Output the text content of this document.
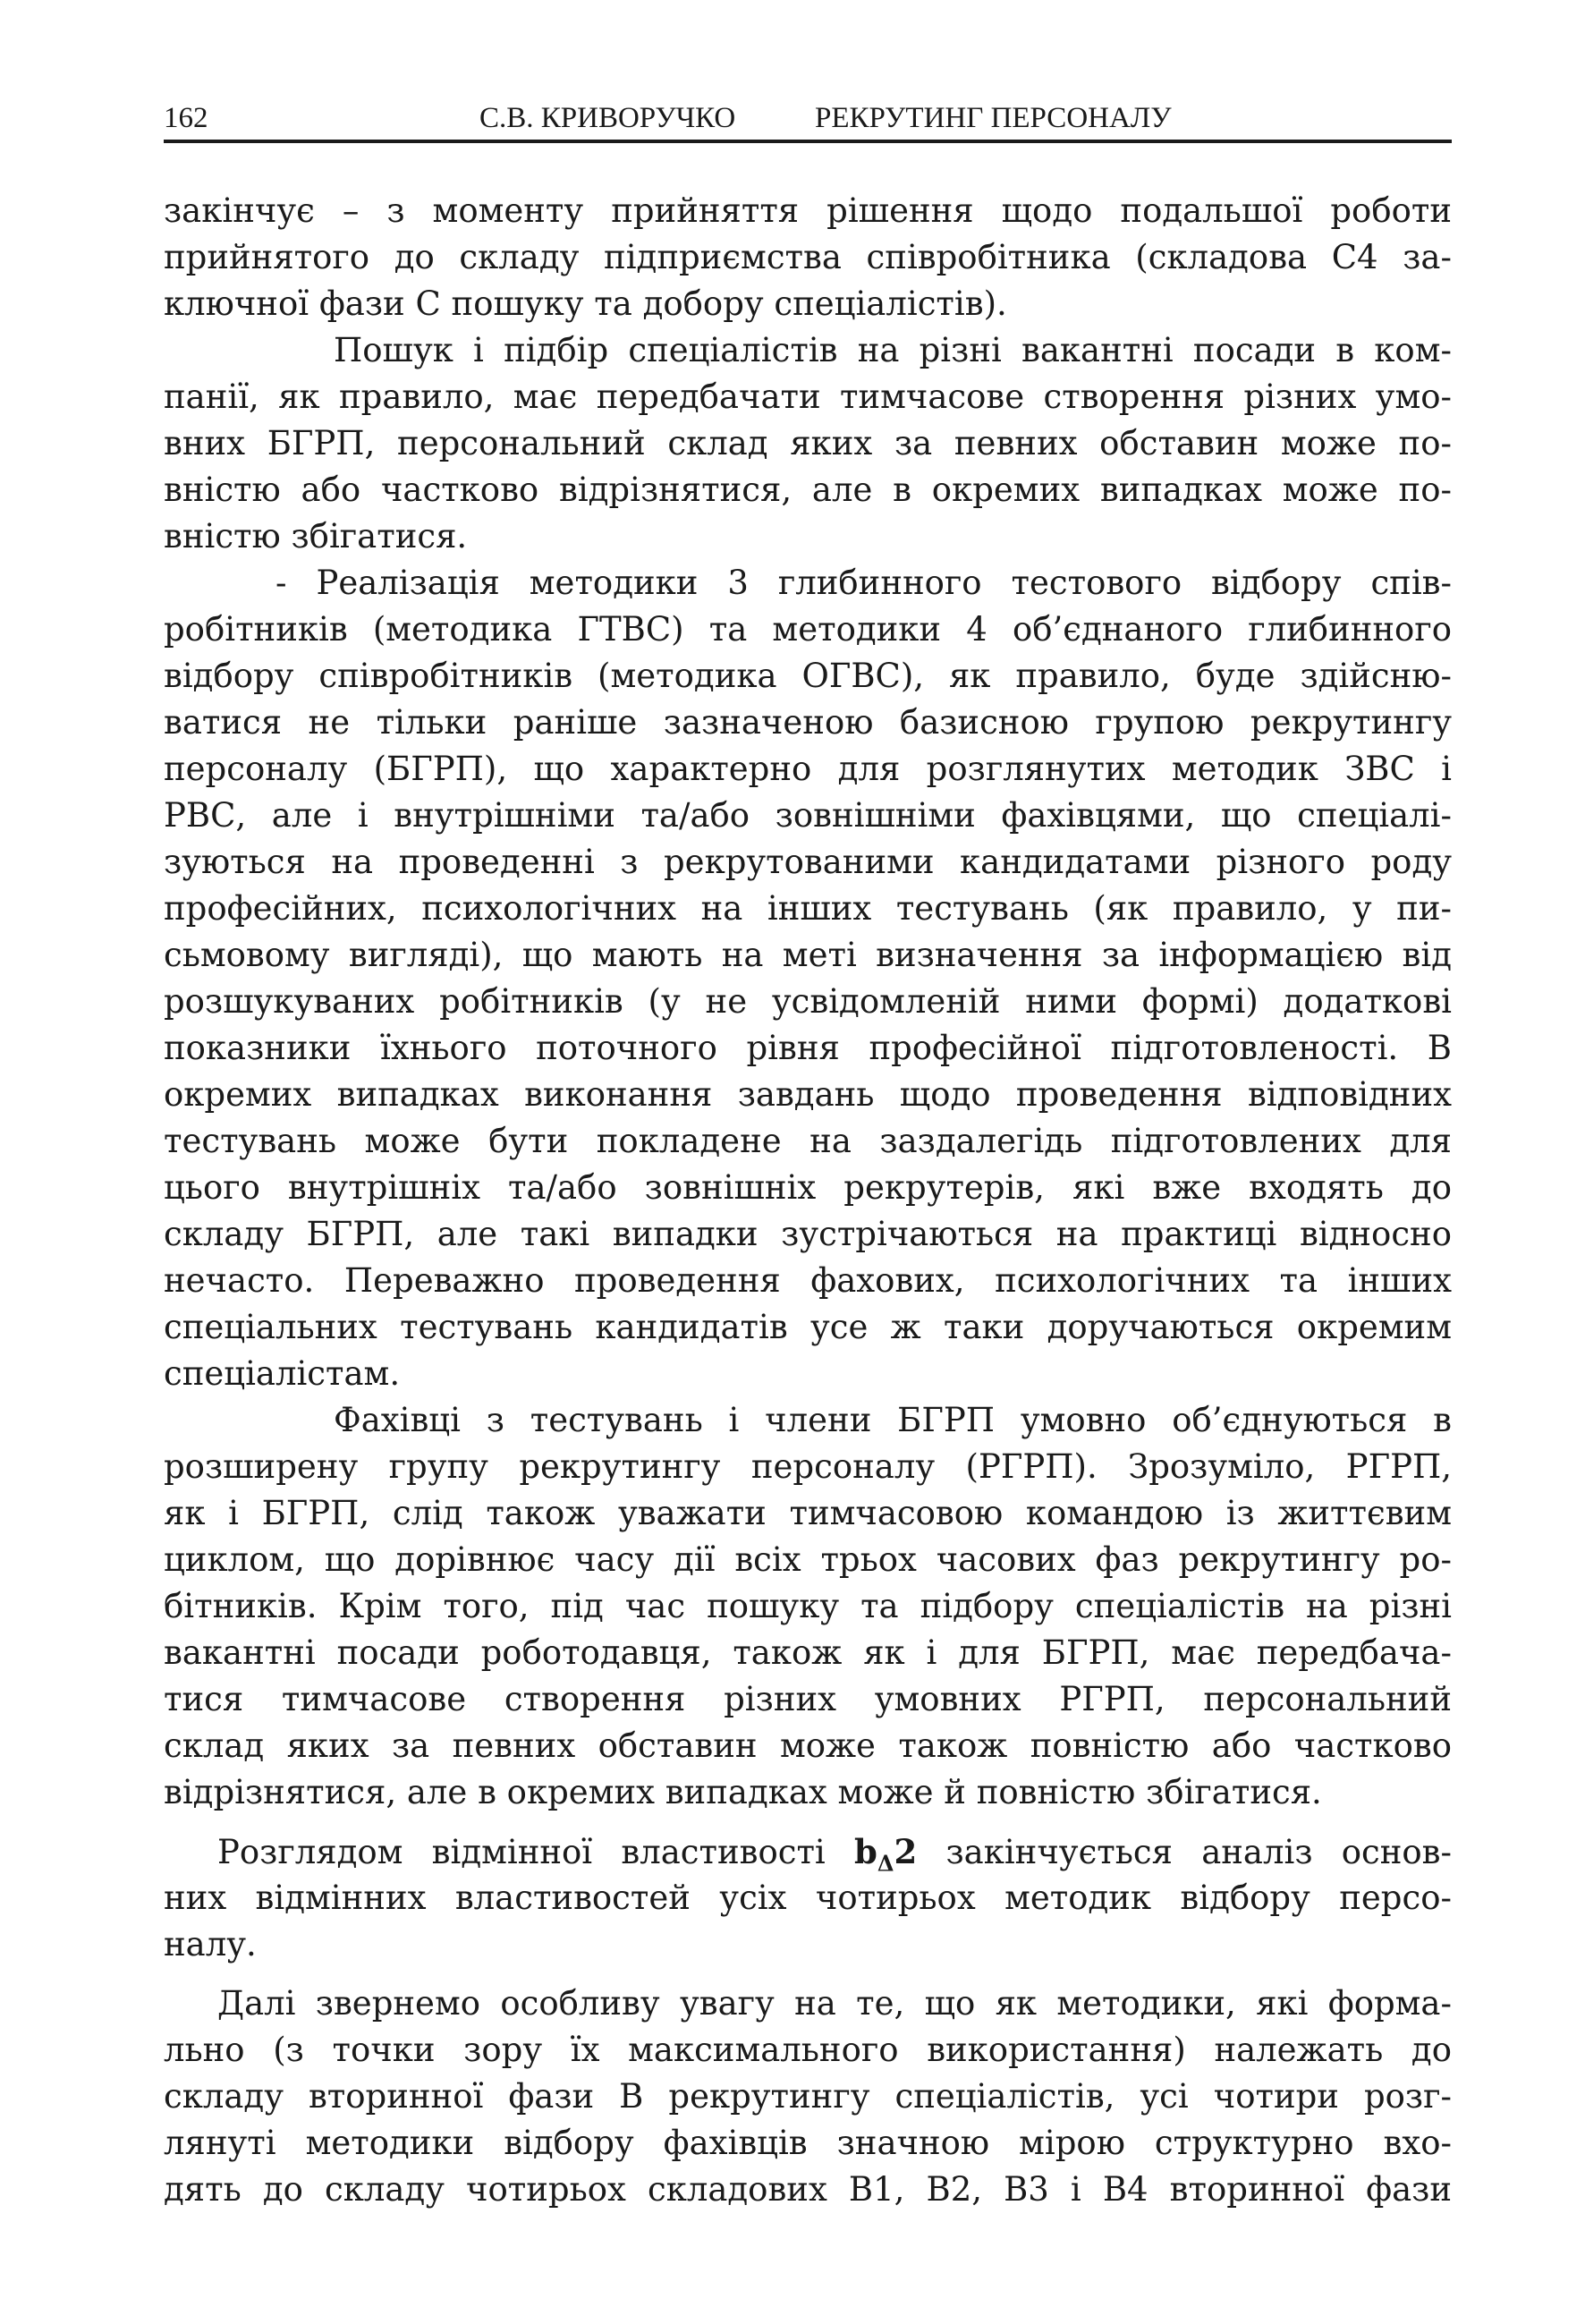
162	С.В. КРИВОРУЧКО	РЕКРУТИНГ ПЕРСОНАЛУ
закінчує – з моменту прийняття рішення щодо подальшої роботи
прийнятого до складу підприємства співробітника (складова С4 за-
ключної фази С пошуку та добору спеціалістів).
Пошук і підбір спеціалістів на різні вакантні посади в ком-
панії, як правило, має передбачати тимчасове створення різних умо-
вних БГРП, персональний склад яких за певних обставин може по-
вністю або частково відрізнятися, але в окремих випадках може по-
вністю збігатися.
- Реалізація методики 3 глибинного тестового відбору спів-
робітників (методика ГТВС) та методики 4 об’єднаного глибинного
відбору співробітників (методика ОГВС), як правило, буде здійсню-
ватися не тільки раніше зазначеною базисною групою рекрутингу
персоналу (БГРП), що характерно для розглянутих методик ЗВС і
РВС, але і внутрішніми та/або зовнішніми фахівцями, що спеціалі-
зуються на проведенні з рекрутованими кандидатами різного роду
професійних, психологічних на інших тестувань (як правило, у пи-
сьмовому вигляді), що мають на меті визначення за інформацією від
розшукуваних робітників (у не усвідомленій ними формі) додаткові
показники їхнього поточного рівня професійної підготовленості. В
окремих випадках виконання завдань щодо проведення відповідних
тестувань може бути покладене на заздалегідь підготовлених для
цього внутрішніх та/або зовнішніх рекрутерів, які вже входять до
складу БГРП, але такі випадки зустрічаються на практиці відносно
нечасто. Переважно проведення фахових, психологічних та інших
спеціальних тестувань кандидатів усе ж таки доручаються окремим
спеціалістам.
Фахівці з тестувань і члени БГРП умовно об’єднуються в
розширену групу рекрутингу персоналу (РГРП). Зрозуміло, РГРП,
як і БГРП, слід також уважати тимчасовою командою із життєвим
циклом, що дорівнює часу дії всіх трьох часових фаз рекрутингу ро-
бітників. Крім того, під час пошуку та підбору спеціалістів на різні
вакантні посади роботодавця, також як і для БГРП, має передбача-
тися тимчасове створення різних умовних РГРП, персональний
склад яких за певних обставин може також повністю або частково
відрізнятися, але в окремих випадках може й повністю збігатися.
Розглядом відмінної властивості $b_\Delta 2$ закінчується аналіз основ-
них відмінних властивостей усіх чотирьох методик відбору персо-
налу.
Далі звернемо особливу увагу на те, що як методики, які форма-
льно (з точки зору їх максимального використання) належать до
складу вторинної фази В рекрутингу спеціалістів, усі чотири розг-
лянуті методики відбору фахівців значною мірою структурно вхо-
дять до складу чотирьох складових В1, В2, В3 і В4 вторинної фази
